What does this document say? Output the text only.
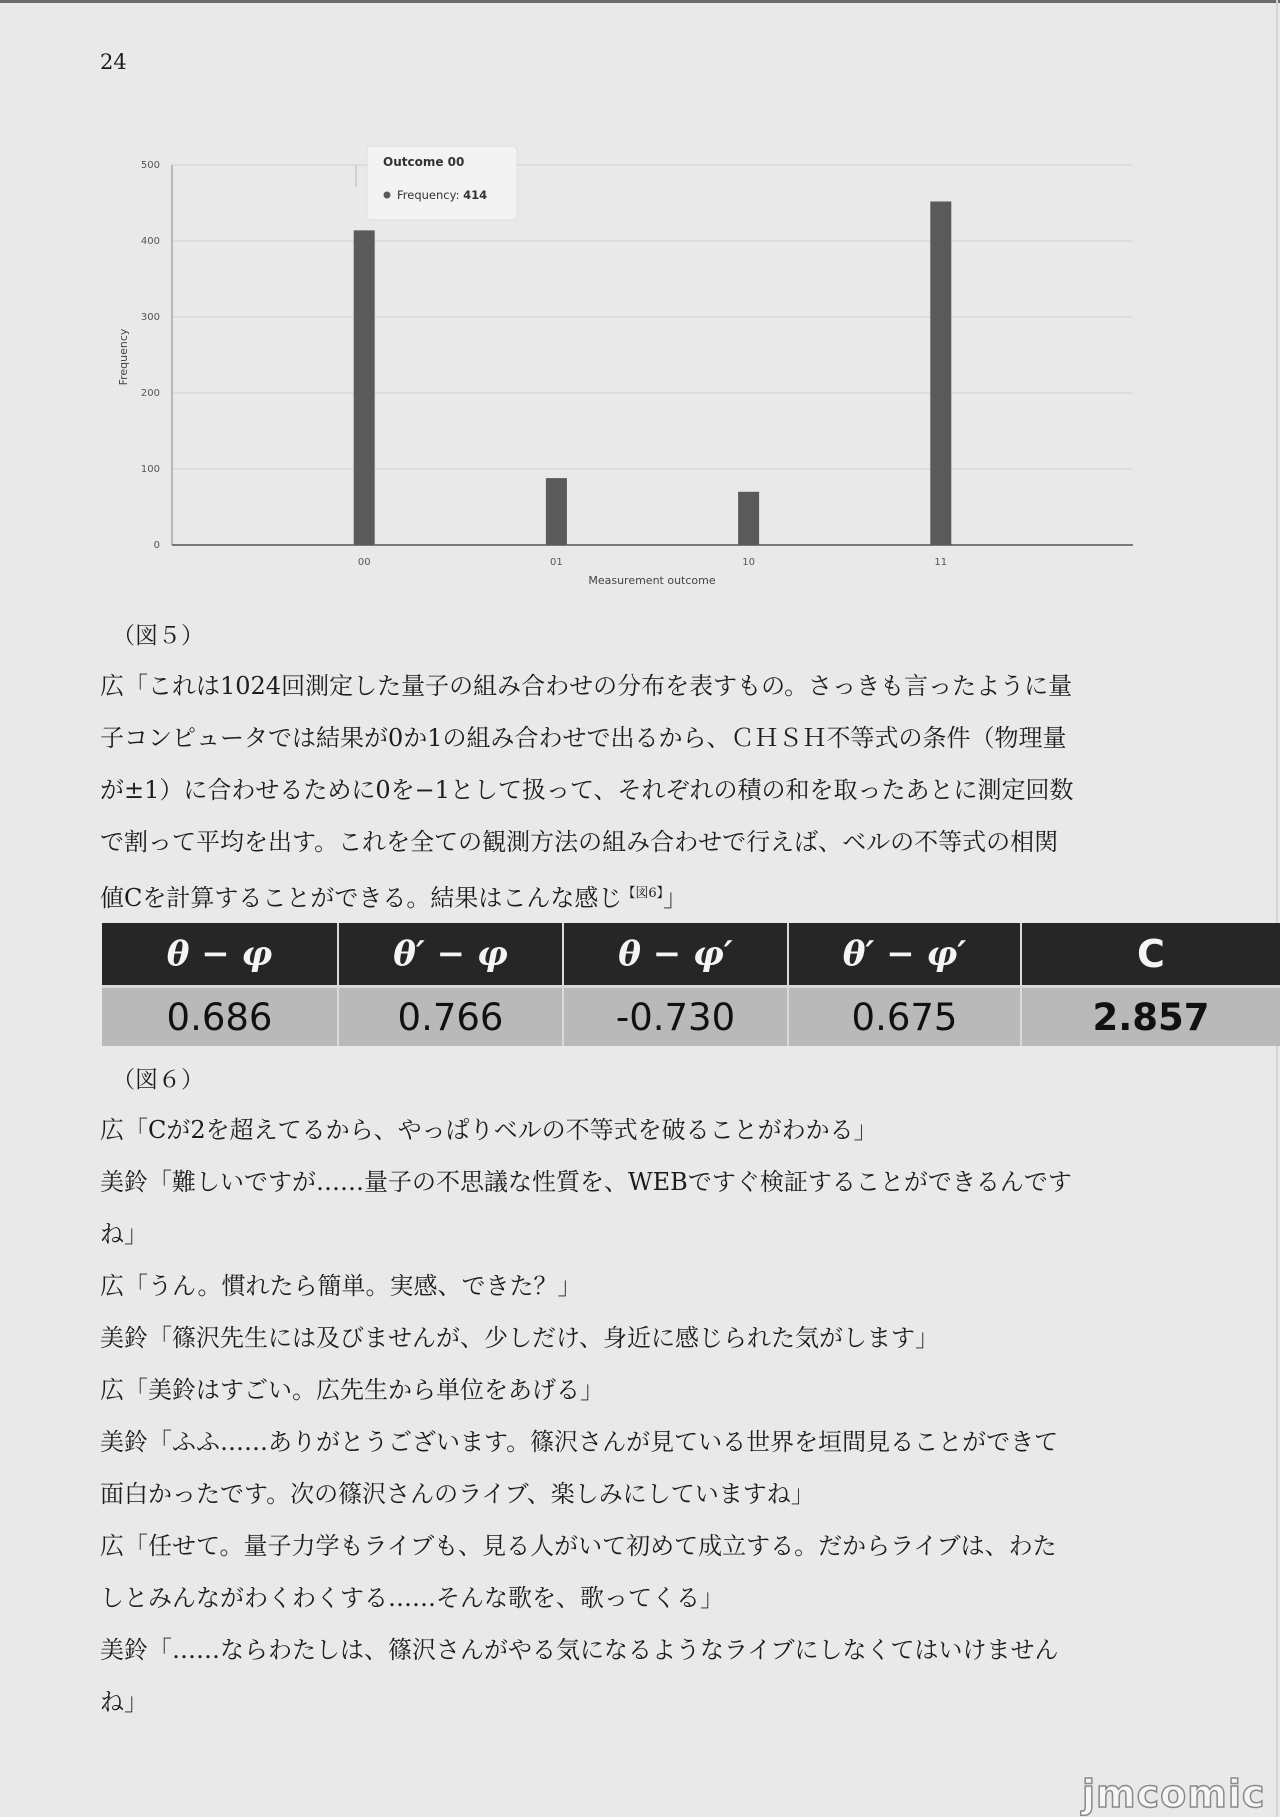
24
0
100
200
300
400
500
00	01	10	11
Measurement outcome
Frequency
Outcome 00
Frequency: 414
（図５）
広「これは1024回測定した量子の組み合わせの分布を表すもの。さっきも言ったように量
子コンピュータでは結果が0か1の組み合わせで出るから、ＣＨＳＨ不等式の条件（物理量
が±1）に合わせるために0を−1として扱って、それぞれの積の和を取ったあとに測定回数
で割って平均を出す。これを全ての観測方法の組み合わせで行えば、ベルの不等式の相関
値Cを計算することができる。結果はこんな感じ$^{【図6】}$」
θ − φ	θ′ − φ	θ − φ′	θ′ − φ′	C
0.686	0.766	-0.730	0.675	2.857
（図６）
広「Cが2を超えてるから、やっぱりベルの不等式を破ることがわかる」
美鈴「難しいですが……量子の不思議な性質を、WEBですぐ検証することができるんです
ね」
広「うん。慣れたら簡単。実感、できた？」
美鈴「篠沢先生には及びませんが、少しだけ、身近に感じられた気がします」
広「美鈴はすごい。広先生から単位をあげる」
美鈴「ふふ……ありがとうございます。篠沢さんが見ている世界を垣間見ることができて
面白かったです。次の篠沢さんのライブ、楽しみにしていますね」
広「任せて。量子力学もライブも、見る人がいて初めて成立する。だからライブは、わた
しとみんながわくわくする……そんな歌を、歌ってくる」
美鈴「……ならわたしは、篠沢さんがやる気になるようなライブにしなくてはいけません
ね」
jmcomic
